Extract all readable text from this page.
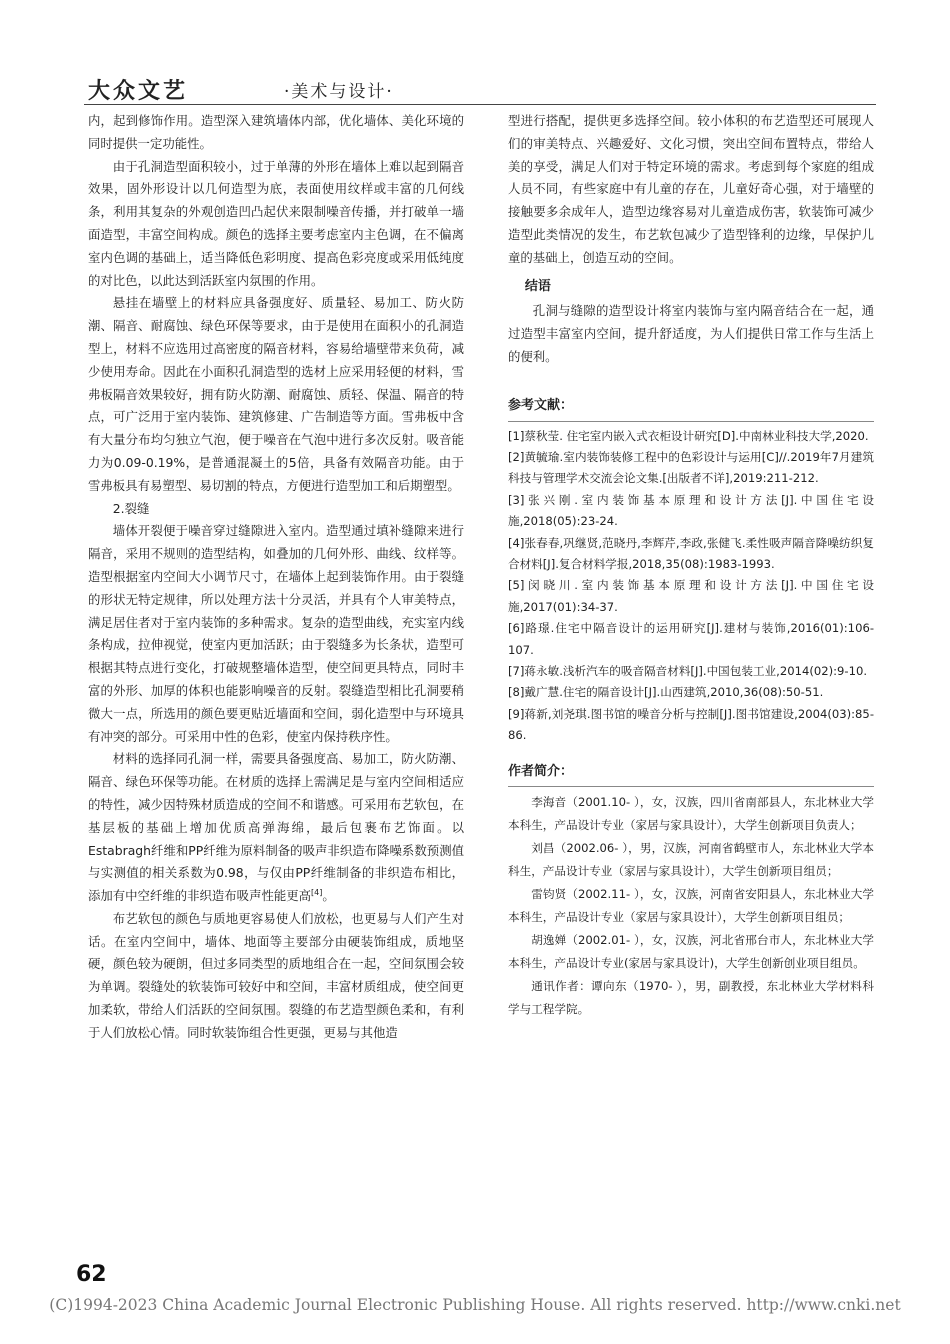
大众文艺	·美术与设计·

内，起到修饰作用。造型深入建筑墙体内部，优化墙体、美化环境的同时提供一定功能性。

由于孔洞造型面积较小，过于单薄的外形在墙体上难以起到隔音效果，固外形设计以几何造型为底，表面使用纹样或丰富的几何线条，利用其复杂的外观创造凹凸起伏来限制噪音传播，并打破单一墙面造型，丰富空间构成。颜色的选择主要考虑室内主色调，在不偏离室内色调的基础上，适当降低色彩明度、提高色彩亮度或采用低纯度的对比色，以此达到活跃室内氛围的作用。

悬挂在墙壁上的材料应具备强度好、质量轻、易加工、防火防潮、隔音、耐腐蚀、绿色环保等要求，由于是使用在面积小的孔洞造型上，材料不应选用过高密度的隔音材料，容易给墙壁带来负荷，减少使用寿命。因此在小面积孔洞造型的选材上应采用轻便的材料，雪弗板隔音效果较好，拥有防火防潮、耐腐蚀、质轻、保温、隔音的特点，可广泛用于室内装饰、建筑修建、广告制造等方面。雪弗板中含有大量分布均匀独立气泡，便于噪音在气泡中进行多次反射。吸音能力为0.09-0.19%，是普通混凝土的5倍，具备有效隔音功能。由于雪弗板具有易塑型、易切割的特点，方便进行造型加工和后期塑型。

2.裂缝

墙体开裂便于噪音穿过缝隙进入室内。造型通过填补缝隙来进行隔音，采用不规则的造型结构，如叠加的几何外形、曲线、纹样等。造型根据室内空间大小调节尺寸，在墙体上起到装饰作用。由于裂缝的形状无特定规律，所以处理方法十分灵活，并具有个人审美特点，满足居住者对于室内装饰的多种需求。复杂的造型曲线，充实室内线条构成，拉伸视觉，使室内更加活跃；由于裂缝多为长条状，造型可根据其特点进行变化，打破规整墙体造型，使空间更具特点，同时丰富的外形、加厚的体积也能影响噪音的反射。裂缝造型相比孔洞要稍微大一点，所选用的颜色要更贴近墙面和空间，弱化造型中与环境具有冲突的部分。可采用中性的色彩，使室内保持秩序性。

材料的选择同孔洞一样，需要具备强度高、易加工，防火防潮、隔音、绿色环保等功能。在材质的选择上需满足是与室内空间相适应的特性，减少因特殊材质造成的空间不和谐感。可采用布艺软包，在基层板的基础上增加优质高弹海绵，最后包裹布艺饰面。以Estabragh纤维和PP纤维为原料制备的吸声非织造布降噪系数预测值与实测值的相关系数为0.98，与仅由PP纤维制备的非织造布相比，添加有中空纤维的非织造布吸声性能更高[4]。

布艺软包的颜色与质地更容易使人们放松，也更易与人们产生对话。在室内空间中，墙体、地面等主要部分由硬装饰组成，质地坚硬，颜色较为硬朗，但过多同类型的质地组合在一起，空间氛围会较为单调。裂缝处的软装饰可较好中和空间，丰富材质组成，使空间更加柔软，带给人们活跃的空间氛围。裂缝的布艺造型颜色柔和，有利于人们放松心情。同时软装饰组合性更强，更易与其他造

型进行搭配，提供更多选择空间。较小体积的布艺造型还可展现人们的审美特点、兴趣爱好、文化习惯，突出空间布置特点，带给人美的享受，满足人们对于特定环境的需求。考虑到每个家庭的组成人员不同，有些家庭中有儿童的存在，儿童好奇心强，对于墙壁的接触要多余成年人，造型边缘容易对儿童造成伤害，软装饰可减少造型此类情况的发生，布艺软包减少了造型锋利的边缘，早保护儿童的基础上，创造互动的空间。

结语

孔洞与缝隙的造型设计将室内装饰与室内隔音结合在一起，通过造型丰富室内空间，提升舒适度，为人们提供日常工作与生活上的便利。

参考文献：

[1]蔡秋莹. 住宅室内嵌入式衣柜设计研究[D].中南林业科技大学,2020.

[2]黄毓瑜.室内装饰装修工程中的色彩设计与运用[C]//.2019年7月建筑科技与管理学术交流会论文集.[出版者不详],2019:211-212.

[3]张兴刚.室内装饰基本原理和设计方法[J].中国住宅设施,2018(05):23-24.

[4]张春春,巩继贤,范晓丹,李辉芹,李政,张健飞.柔性吸声隔音降噪纺织复合材料[J].复合材料学报,2018,35(08):1983-1993.

[5]闵晓川.室内装饰基本原理和设计方法[J].中国住宅设施,2017(01):34-37.

[6]路璟.住宅中隔音设计的运用研究[J].建材与装饰,2016(01):106-107.

[7]蒋永敏.浅析汽车的吸音隔音材料[J].中国包装工业,2014(02):9-10.

[8]戴广慧.住宅的隔音设计[J].山西建筑,2010,36(08):50-51.

[9]蒋新,刘尧琪.图书馆的噪音分析与控制[J].图书馆建设,2004(03):85-86.

作者简介：

李海音（2001.10- ），女，汉族，四川省南部县人，东北林业大学本科生，产品设计专业（家居与家具设计），大学生创新项目负责人；

刘昌（2002.06- ），男，汉族，河南省鹤壁市人，东北林业大学本科生，产品设计专业（家居与家具设计），大学生创新项目组员；

雷钧贤（2002.11- ），女，汉族，河南省安阳县人，东北林业大学本科生，产品设计专业（家居与家具设计），大学生创新项目组员；

胡逸婵（2002.01- ），女，汉族，河北省邢台市人，东北林业大学本科生，产品设计专业(家居与家具设计)，大学生创新创业项目组员。

通讯作者：谭向东（1970- ），男，副教授，东北林业大学材料科学与工程学院。

62
(C)1994-2023 China Academic Journal Electronic Publishing House. All rights reserved. http://www.cnki.net
